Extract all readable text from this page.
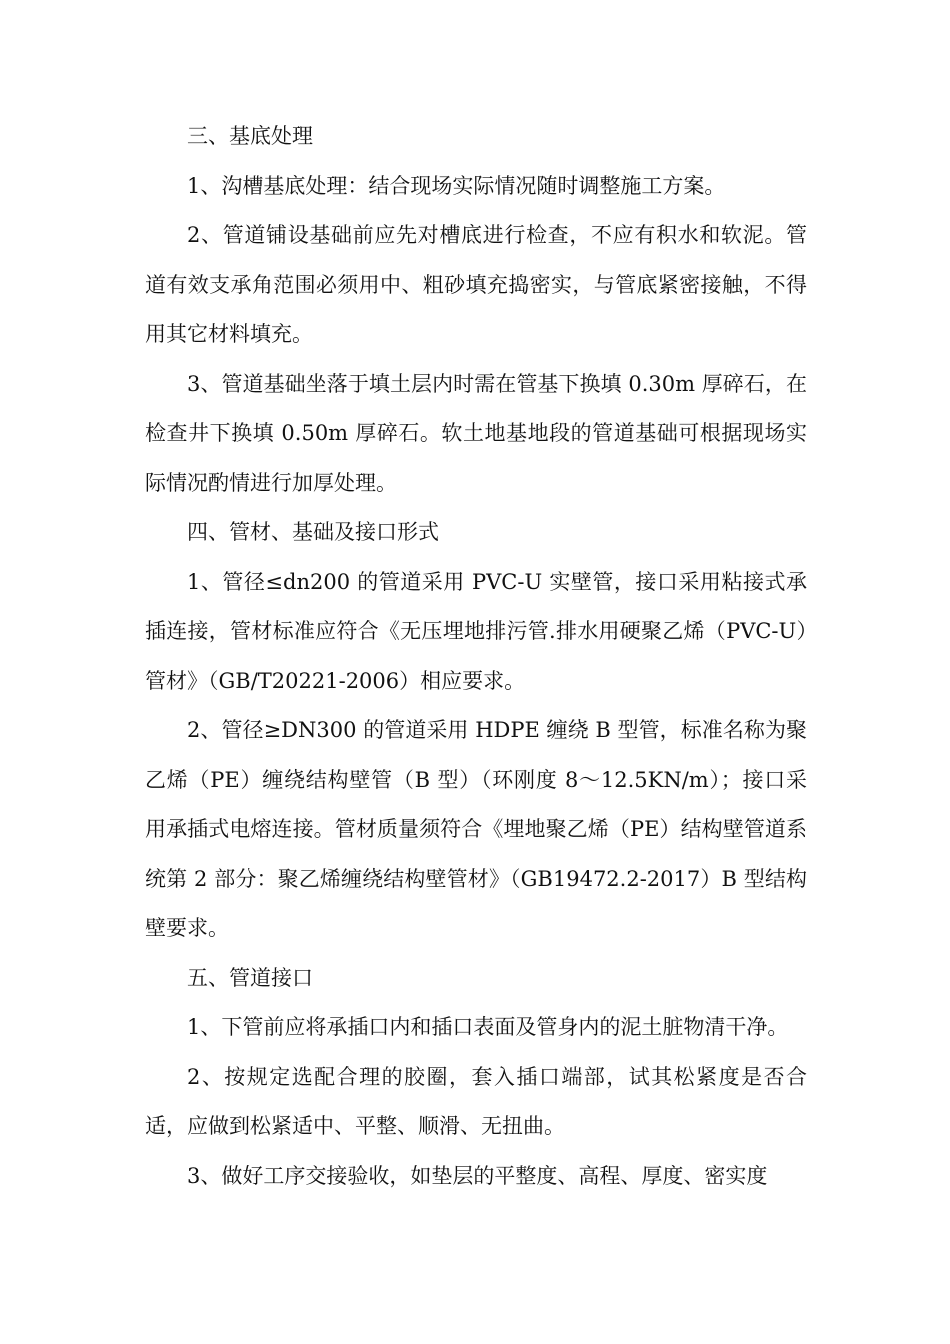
三、基底处理

1、沟槽基底处理：结合现场实际情况随时调整施工方案。

2、管道铺设基础前应先对槽底进行检查，不应有积水和软泥。管道有效支承角范围必须用中、粗砂填充捣密实，与管底紧密接触，不得用其它材料填充。

3、管道基础坐落于填土层内时需在管基下换填 0.30m 厚碎石，在检查井下换填 0.50m 厚碎石。软土地基地段的管道基础可根据现场实际情况酌情进行加厚处理。

四、管材、基础及接口形式

1、管径≤dn200 的管道采用 PVC-U 实壁管，接口采用粘接式承插连接，管材标准应符合《无压埋地排污管.排水用硬聚乙烯（PVC-U）管材》（GB/T20221-2006）相应要求。

2、管径≥DN300 的管道采用 HDPE 缠绕 B 型管，标准名称为聚乙烯（PE）缠绕结构壁管（B 型）（环刚度 8～12.5KN/m）；接口采用承插式电熔连接。管材质量须符合《埋地聚乙烯（PE）结构壁管道系统第 2 部分：聚乙烯缠绕结构壁管材》（GB19472.2-2017）B 型结构壁要求。

五、管道接口

1、下管前应将承插口内和插口表面及管身内的泥土脏物清干净。

2、按规定选配合理的胶圈，套入插口端部，试其松紧度是否合适，应做到松紧适中、平整、顺滑、无扭曲。

3、做好工序交接验收，如垫层的平整度、高程、厚度、密实度
